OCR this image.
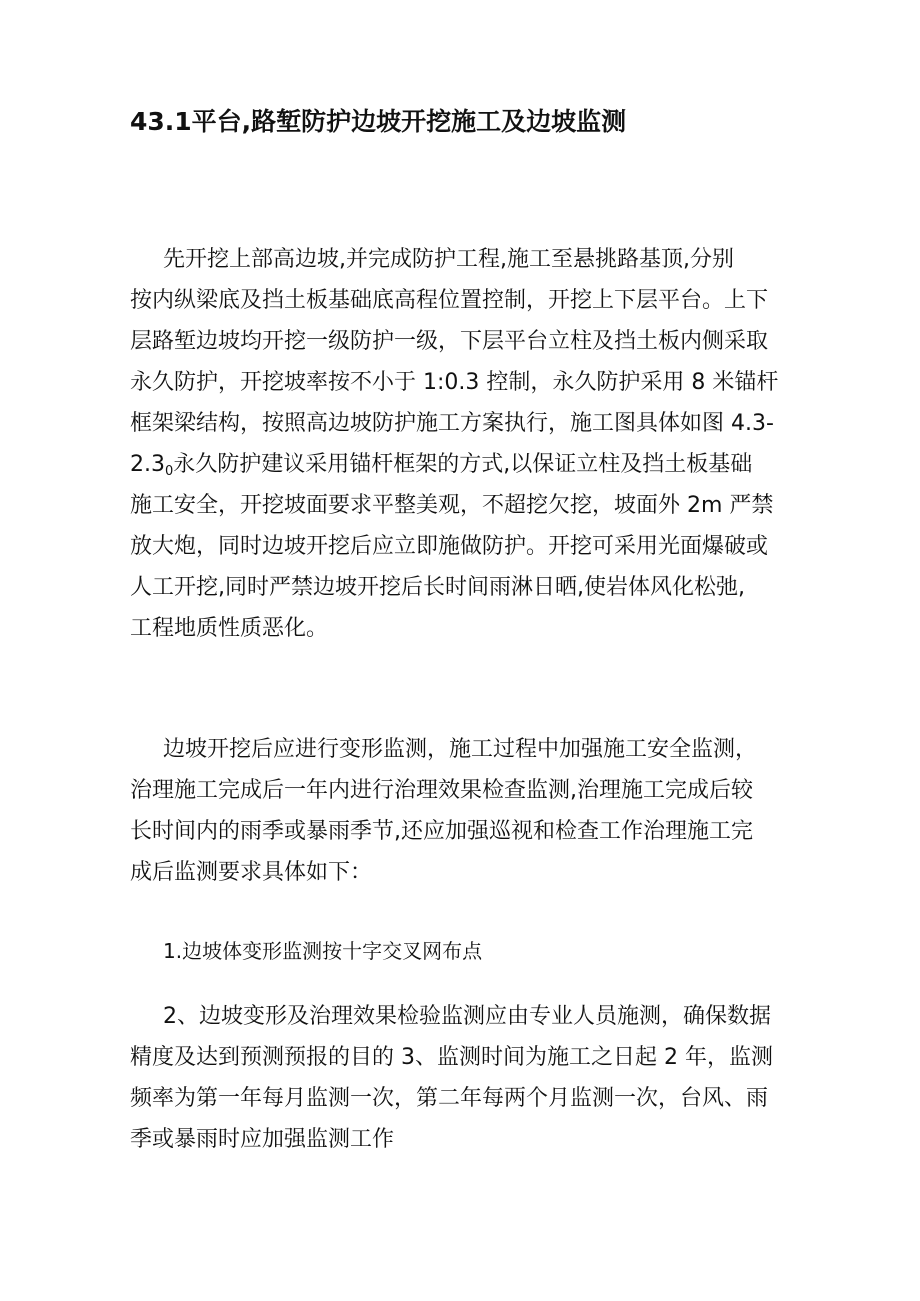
43.1平台,路堑防护边坡开挖施工及边坡监测
先开挖上部高边坡,并完成防护工程,施工至悬挑路基顶,分别
按内纵梁底及挡土板基础底高程位置控制，开挖上下层平台。上下
层路堑边坡均开挖一级防护一级，下层平台立柱及挡土板内侧采取
永久防护，开挖坡率按不小于 1:0.3 控制，永久防护采用 8 米锚杆
框架梁结构，按照高边坡防护施工方案执行，施工图具体如图 4.3-
$2.3_0$永久防护建议采用锚杆框架的方式,以保证立柱及挡土板基础
施工安全，开挖坡面要求平整美观，不超挖欠挖，坡面外 2m 严禁
放大炮，同时边坡开挖后应立即施做防护。开挖可采用光面爆破或
人工开挖,同时严禁边坡开挖后长时间雨淋日晒,使岩体风化松弛,
工程地质性质恶化。
边坡开挖后应进行变形监测，施工过程中加强施工安全监测，
治理施工完成后一年内进行治理效果检查监测,治理施工完成后较
长时间内的雨季或暴雨季节,还应加强巡视和检查工作治理施工完
成后监测要求具体如下：

1.边坡体变形监测按十字交叉网布点

2、边坡变形及治理效果检验监测应由专业人员施测，确保数据
精度及达到预测预报的目的 3、监测时间为施工之日起 2 年，监测
频率为第一年每月监测一次，第二年每两个月监测一次，台风、雨
季或暴雨时应加强监测工作
